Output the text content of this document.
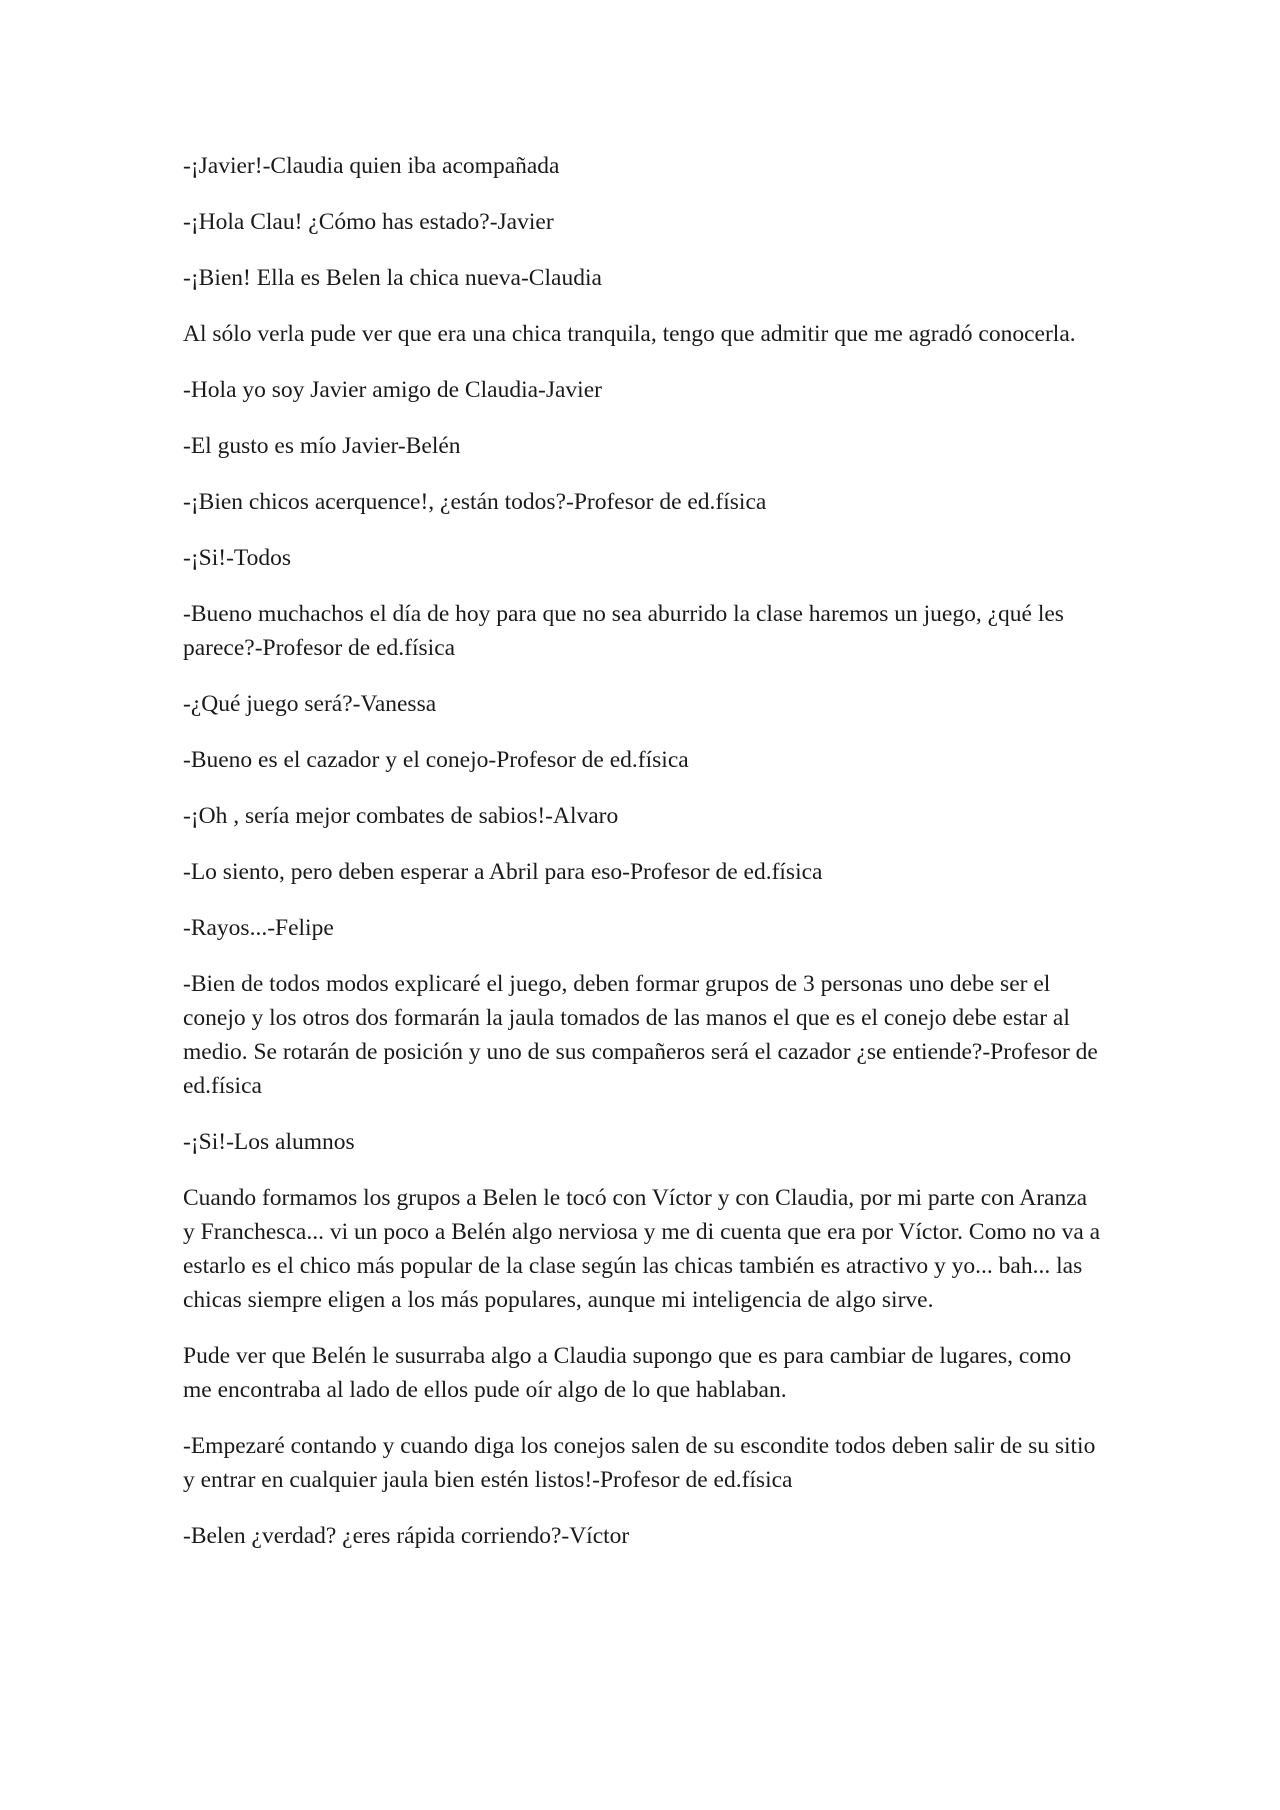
-¡Javier!-Claudia quien iba acompañada

-¡Hola Clau! ¿Cómo has estado?-Javier

-¡Bien! Ella es Belen la chica nueva-Claudia

Al sólo verla pude ver que era una chica tranquila, tengo que admitir que me agradó conocerla.

-Hola yo soy Javier amigo de Claudia-Javier

-El gusto es mío Javier-Belén

-¡Bien chicos acerquence!, ¿están todos?-Profesor de ed.física

-¡Si!-Todos

-Bueno muchachos el día de hoy para que no sea aburrido la clase haremos un juego, ¿qué les parece?-Profesor de ed.física

-¿Qué juego será?-Vanessa

-Bueno es el cazador y el conejo-Profesor de ed.física

-¡Oh , sería mejor combates de sabios!-Alvaro

-Lo siento, pero deben esperar a Abril para eso-Profesor de ed.física

-Rayos...-Felipe

-Bien de todos modos explicaré el juego, deben formar grupos de 3 personas uno debe ser el conejo y los otros dos formarán la jaula tomados de las manos el que es el conejo debe estar al medio. Se rotarán de posición y uno de sus compañeros será el cazador ¿se entiende?-Profesor de ed.física

-¡Si!-Los alumnos

Cuando formamos los grupos a Belen le tocó con Víctor y con Claudia, por mi parte con Aranza y Franchesca... vi un poco a Belén algo nerviosa y me di cuenta que era por Víctor. Como no va a estarlo es el chico más popular de la clase según las chicas también es atractivo y yo... bah... las chicas siempre eligen a los más populares, aunque mi inteligencia de algo sirve.

Pude ver que Belén le susurraba algo a Claudia supongo que es para cambiar de lugares, como me encontraba al lado de ellos pude oír algo de lo que hablaban.

-Empezaré contando y cuando diga los conejos salen de su escondite todos deben salir de su sitio y entrar en cualquier jaula bien estén listos!-Profesor de ed.física

-Belen ¿verdad? ¿eres rápida corriendo?-Víctor
